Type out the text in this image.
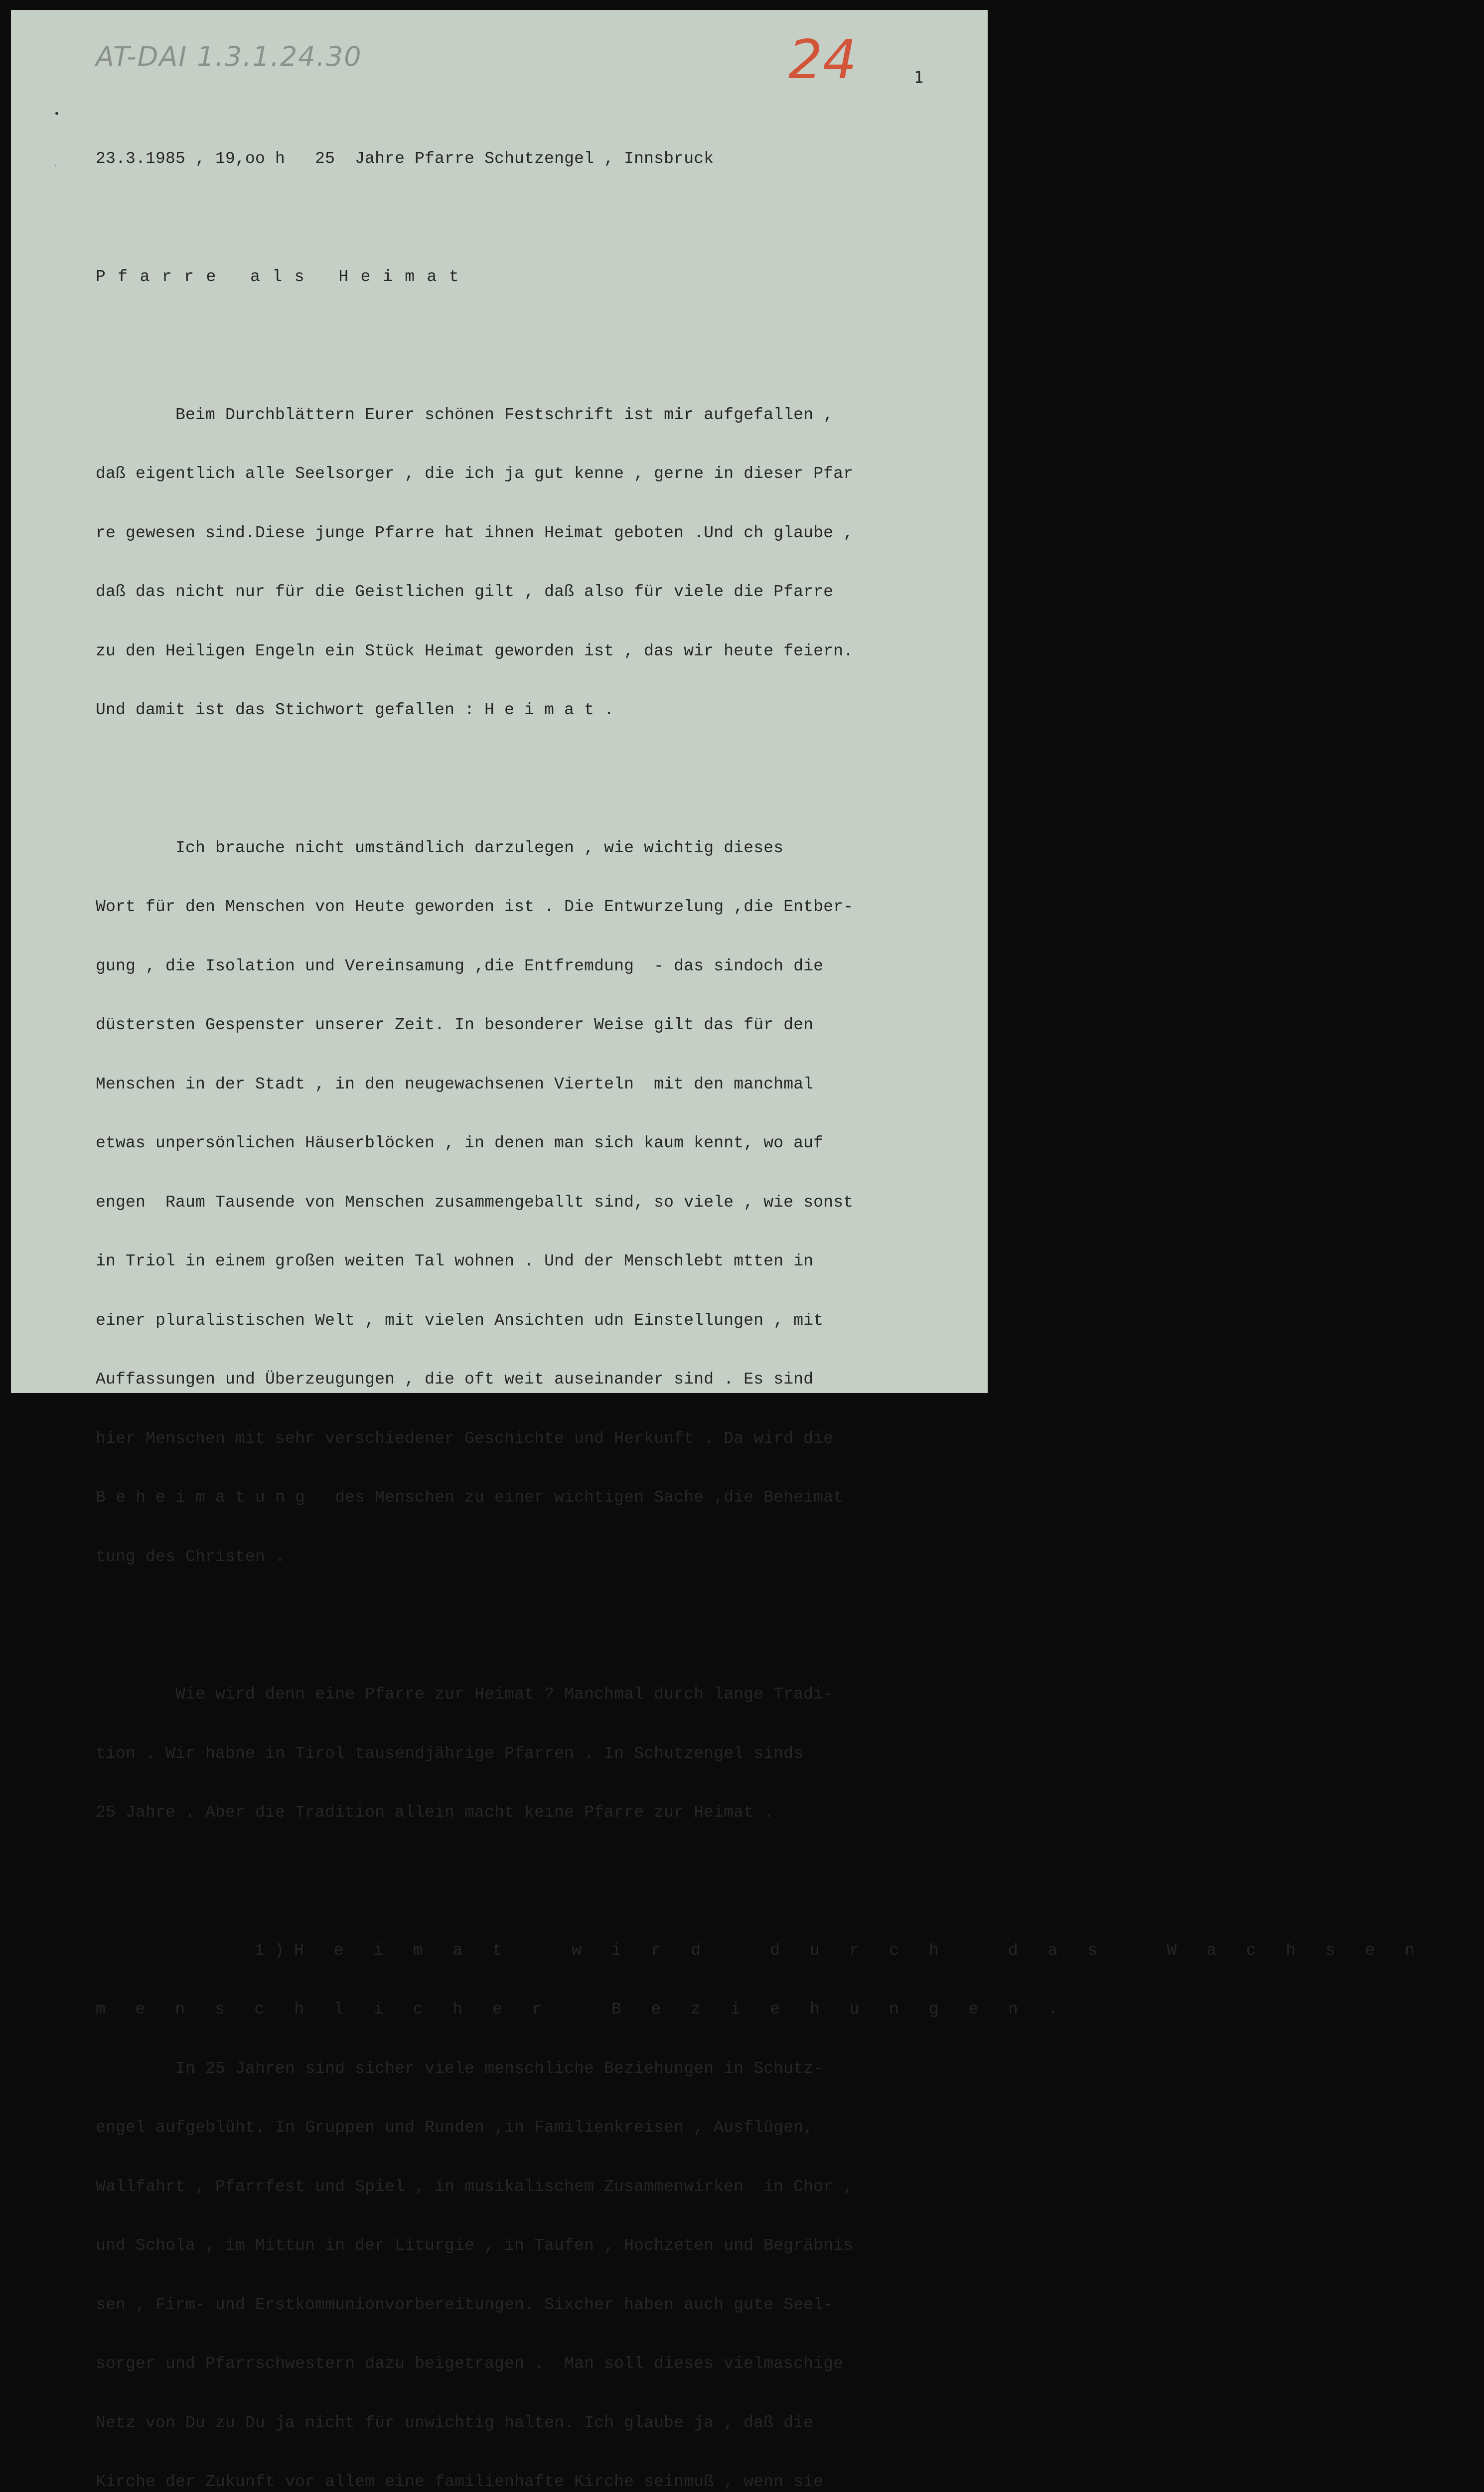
AT-DAI 1.3.1.24.30	24	1
•
,

23.3.1985 , 19,oo h   25  Jahre Pfarre Schutzengel , Innsbruck

Pfarre als Heimat

Beim Durchblättern Eurer schönen Festschrift ist mir aufgefallen ,

daß eigentlich alle Seelsorger , die ich ja gut kenne , gerne in dieser Pfar

re gewesen sind.Diese junge Pfarre hat ihnen Heimat geboten .Und ch glaube ,

daß das nicht nur für die Geistlichen gilt , daß also für viele die Pfarre

zu den Heiligen Engeln ein Stück Heimat geworden ist , das wir heute feiern.

Und damit ist das Stichwort gefallen : H e i m a t .

Ich brauche nicht umständlich darzulegen , wie wichtig dieses

Wort für den Menschen von Heute geworden ist . Die Entwurzelung ,die Entber-

gung , die Isolation und Vereinsamung ,die Entfremdung  - das sindoch die

düstersten Gespenster unserer Zeit. In besonderer Weise gilt das für den

Menschen in der Stadt , in den neugewachsenen Vierteln  mit den manchmal

etwas unpersönlichen Häuserblöcken , in denen man sich kaum kennt, wo auf

engen  Raum Tausende von Menschen zusammengeballt sind, so viele , wie sonst

in Triol in einem großen weiten Tal wohnen . Und der Menschlebt mtten in

einer pluralistischen Welt , mit vielen Ansichten udn Einstellungen , mit

Auffassungen und Überzeugungen , die oft weit auseinander sind . Es sind

hier Menschen mit sehr verschiedener Geschichte und Herkunft . Da wird die

B e h e i m a t u n g   des Menschen zu einer wichtigen Sache ,die Beheimat

tung des Christen .

Wie wird denn eine Pfarre zur Heimat ? Manchmal durch lange Tradi-

tion . Wir habne in Tirol tausendjährige Pfarren . In Schutzengel sinds

25 Jahre . Aber die Tradition allein macht keine Pfarre zur Heimat .

1)H e i m a t   w i r d   d u r c h   d a s   W a c h s e n

m e n s c h l i c h e r   B e z i e h u n g e n .

In 25 Jahren sind sicher viele menschliche Beziehungen in Schutz-

engel aufgeblüht. In Gruppen und Runden ,in Familienkreisen , Ausflügen,

Wallfahrt , Pfarrfest und Spiel , in musikalischem Zusammenwirken  in Chor ,

und Schola , im Mittun in der Liturgie , in Taufen , Hochzeten und Begräbnis

sen , Firm- und Erstkommunionvorbereitungen. Sixcher haben auch gute Seel-

sorger und Pfarrschwestern dazu beigetragen .  Man soll dieses vielmaschige

Netz von Du zu Du ja nicht für unwichtig halten. Ich glaube ja , daß die

Kirche der Zukunft vor allem eine familienhafte Kirche seinmuß , wenn sie
